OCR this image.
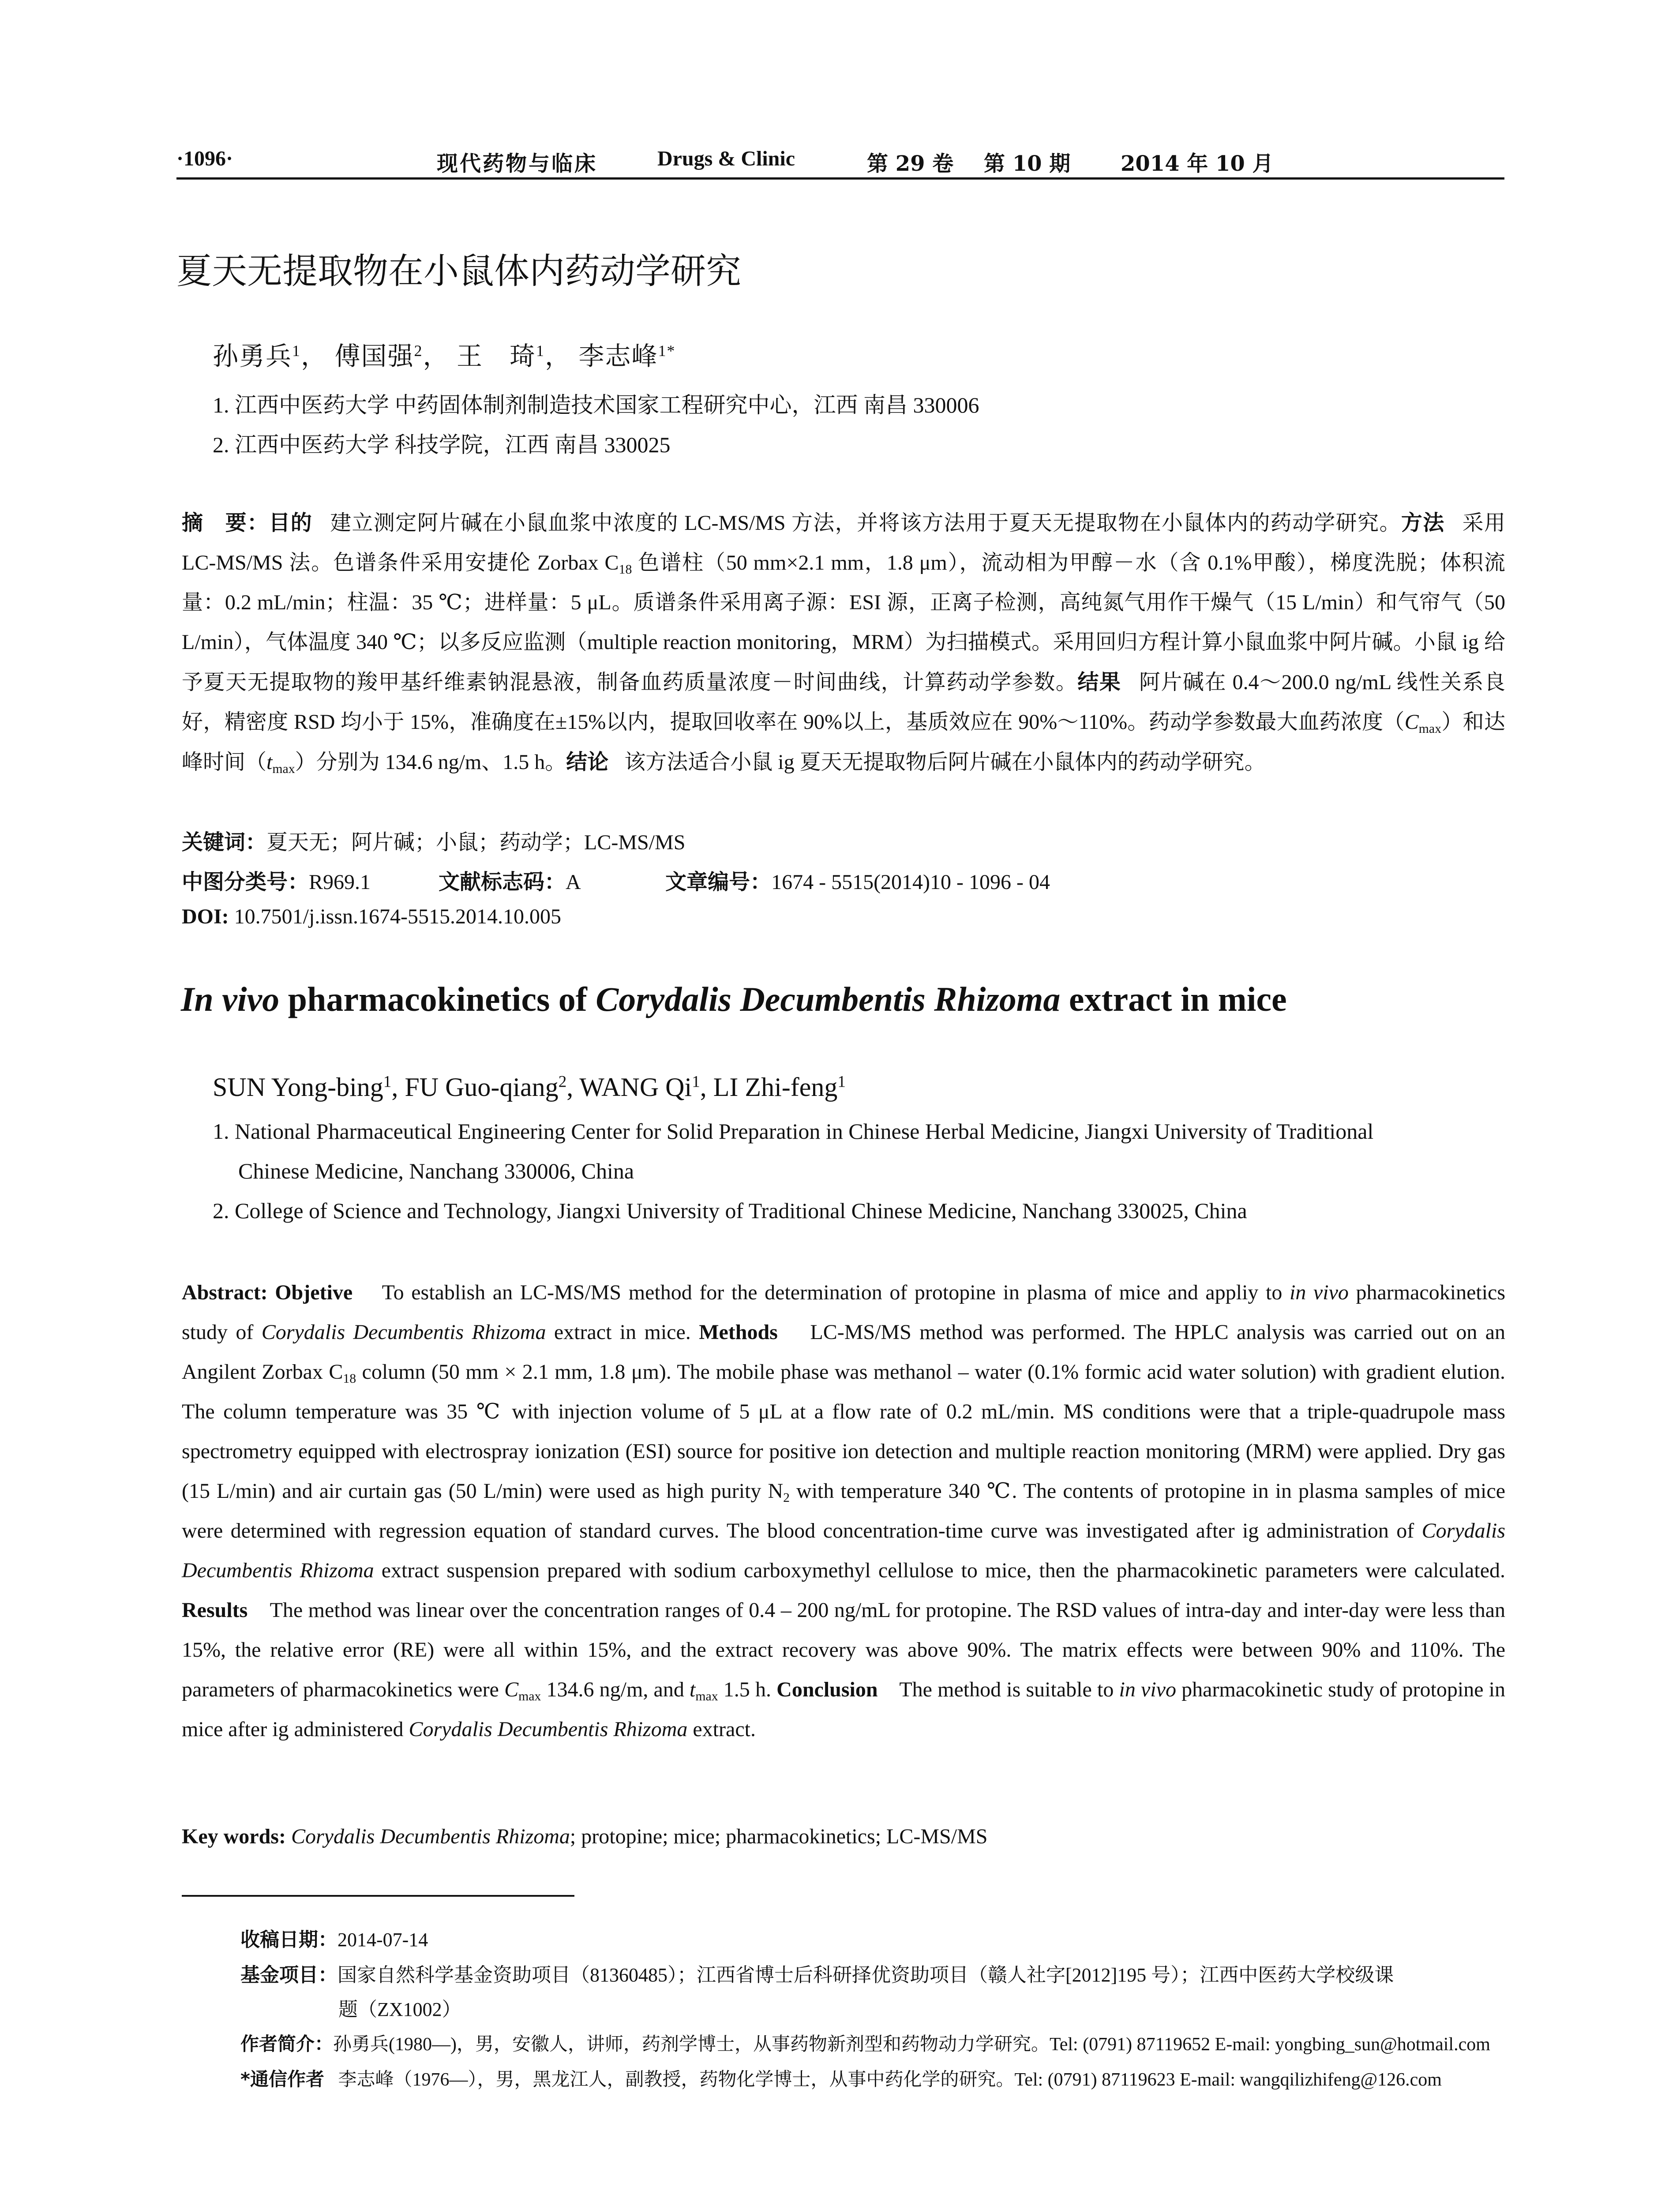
·1096·	现代药物与临床	Drugs & Clinic	第 29 卷 第 10 期 2014 年 10 月
夏天无提取物在小鼠体内药动学研究
孙勇兵$^1$， 傅国强$^2$， 王　琦$^1$， 李志峰$^{1*}$
1. 江西中医药大学 中药固体制剂制造技术国家工程研究中心，江西 南昌 330006
2. 江西中医药大学 科技学院，江西 南昌 330025
摘　要：目的 建立测定阿片碱在小鼠血浆中浓度的 LC-MS/MS 方法，并将该方法用于夏天无提取物在小鼠体内的药动学研究。方法 采用 LC-MS/MS 法。色谱条件采用安捷伦 Zorbax $C_{18}$ 色谱柱（50 mm×2.1 mm，1.8 μm），流动相为甲醇－水（含 0.1%甲酸），梯度洗脱；体积流量：0.2 mL/min；柱温：35 ℃；进样量：5 μL。质谱条件采用离子源：ESI 源，正离子检测，高纯氮气用作干燥气（15 L/min）和气帘气（50 L/min），气体温度 340 ℃；以多反应监测（multiple reaction monitoring，MRM）为扫描模式。采用回归方程计算小鼠血浆中阿片碱。小鼠 ig 给予夏天无提取物的羧甲基纤维素钠混悬液，制备血药质量浓度－时间曲线，计算药动学参数。结果 阿片碱在 0.4～200.0 ng/mL 线性关系良好，精密度 RSD 均小于 15%，准确度在±15%以内，提取回收率在 90%以上，基质效应在 90%～110%。药动学参数最大血药浓度$(C_{max})$和达峰时间$(t_{max})$分别为 134.6 ng/m、1.5 h。结论 该方法适合小鼠 ig 夏天无提取物后阿片碱在小鼠体内的药动学研究。
关键词：夏天无；阿片碱；小鼠；药动学；LC-MS/MS
中图分类号：R969.1	文献标志码：A	文章编号：1674 - 5515(2014)10 - 1096 - 04
DOI: 10.7501/j.issn.1674-5515.2014.10.005
In vivo pharmacokinetics of Corydalis Decumbentis Rhizoma extract in mice
SUN Yong-bing$^1$, FU Guo-qiang$^2$, WANG Qi$^1$, LI Zhi-feng$^1$
1. National Pharmaceutical Engineering Center for Solid Preparation in Chinese Herbal Medicine, Jiangxi University of Traditional
Chinese Medicine, Nanchang 330006, China
2. College of Science and Technology, Jiangxi University of Traditional Chinese Medicine, Nanchang 330025, China
Abstract: Objetive To establish an LC-MS/MS method for the determination of protopine in plasma of mice and appliy to in vivo pharmacokinetics study of Corydalis Decumbentis Rhizoma extract in mice. Methods LC-MS/MS method was performed. The HPLC analysis was carried out on an Angilent Zorbax $C_{18}$ column (50 mm × 2.1 mm, 1.8 μm). The mobile phase was methanol – water (0.1% formic acid water solution) with gradient elution. The column temperature was 35 ℃ with injection volume of 5 μL at a flow rate of 0.2 mL/min. MS conditions were that a triple-quadrupole mass spectrometry equipped with electrospray ionization (ESI) source for positive ion detection and multiple reaction monitoring (MRM) were applied. Dry gas (15 L/min) and air curtain gas (50 L/min) were used as high purity $N_2$ with temperature 340 ℃. The contents of protopine in in plasma samples of mice were determined with regression equation of standard curves. The blood concentration-time curve was investigated after ig administration of Corydalis Decumbentis Rhizoma extract suspension prepared with sodium carboxymethyl cellulose to mice, then the pharmacokinetic parameters were calculated. Results The method was linear over the concentration ranges of 0.4 – 200 ng/mL for protopine. The RSD values of intra-day and inter-day were less than 15%, the relative error (RE) were all within 15%, and the extract recovery was above 90%. The matrix effects were between 90% and 110%. The parameters of pharmacokinetics were $C_{max}$ 134.6 ng/m, and $t_{max}$ 1.5 h. Conclusion The method is suitable to in vivo pharmacokinetic study of protopine in mice after ig administered Corydalis Decumbentis Rhizoma extract.
Key words: Corydalis Decumbentis Rhizoma; protopine; mice; pharmacokinetics; LC-MS/MS
收稿日期：2014-07-14
基金项目：国家自然科学基金资助项目（81360485）；江西省博士后科研择优资助项目（赣人社字[2012]195 号）；江西中医药大学校级课
题（ZX1002）
作者简介：孙勇兵(1980—)，男，安徽人，讲师，药剂学博士，从事药物新剂型和药物动力学研究。Tel: (0791) 87119652 E-mail: yongbing_sun@hotmail.com
*通信作者 李志峰（1976—），男，黑龙江人，副教授，药物化学博士，从事中药化学的研究。Tel: (0791) 87119623 E-mail: wangqilizhifeng@126.com
